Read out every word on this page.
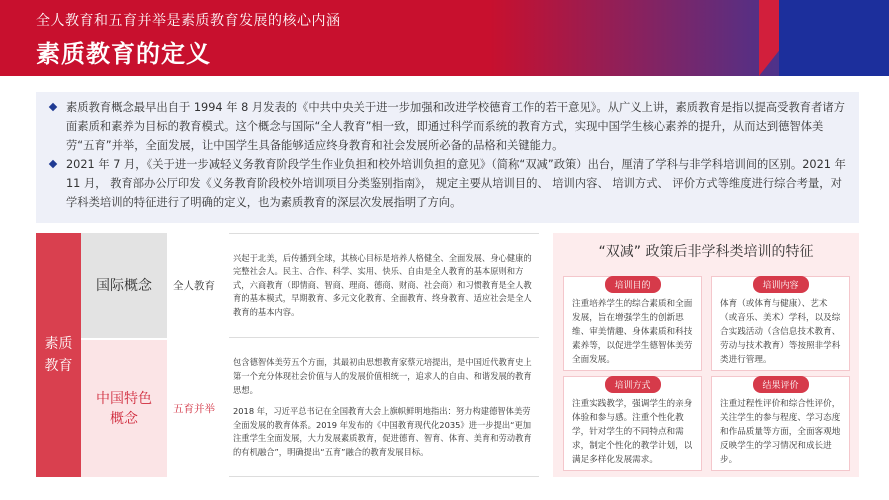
全人教育和五育并举是素质教育发展的核心内涵
素质教育的定义
素质教育概念最早出自于 1994 年 8 月发表的《中共中央关于进一步加强和改进学校德育工作的若干意见》。从广义上讲，素质教育是指以提高受教育者诸方面素质和素养为目标的教育模式。这个概念与国际“全人教育”相一致，即通过科学而系统的教育方式，实现中国学生核心素养的提升，从而达到德智体美劳“五育”并举，全面发展，让中国学生具备能够适应终身教育和社会发展所必备的品格和关键能力。
2021 年 7 月，《关于进一步减轻义务教育阶段学生作业负担和校外培训负担的意见》（简称“双减”政策）出台，厘清了学科与非学科培训间的区别。2021 年 11 月， 教育部办公厅印发《义务教育阶段校外培训项目分类鉴别指南》， 规定主要从培训目的、 培训内容、 培训方式、 评价方式等维度进行综合考量，对学科类培训的特征进行了明确的定义，也为素质教育的深层次发展指明了方向。
素质
教育
国际概念 全人教育

兴起于北美，后传播到全球，其核心目标是培养人格健全、全面发展、身心健康的完整社会人。民主、合作、科学、实用、快乐、自由是全人教育的基本原则和方式，六商教育（即情商、智商、理商、德商、财商、社会商）和习惯教育是全人教育的基本模式，早期教育、多元文化教育、全面教育、终身教育、适应社会是全人教育的基本内容。

中国特色
概念
五育并举

包含德智体美劳五个方面，其最初由思想教育家蔡元培提出，是中国近代教育史上第一个充分体现社会价值与人的发展价值相统一，追求人的自由、和谐发展的教育思想。

2018 年，习近平总书记在全国教育大会上旗帜鲜明地指出：努力构建德智体美劳全面发展的教育体系。2019 年发布的《中国教育现代化2035》进一步提出“更加注重学生全面发展，大力发展素质教育，促进德育、智育、体育、美育和劳动教育的有机融合”，明确提出“五育”融合的教育发展目标。

“双减” 政策后非学科类培训的特征
培训目的
注重培养学生的综合素质和全面发展，旨在增强学生的创新思维、审美情趣、身体素质和科技素养等，以促进学生德智体美劳全面发展。
培训内容
体育（或体育与健康）、艺术（或音乐、美术）学科，以及综合实践活动（含信息技术教育、劳动与技术教育）等按照非学科类进行管理。
培训方式
注重实践教学，强调学生的亲身体验和参与感。注重个性化教学，针对学生的不同特点和需求，制定个性化的教学计划，以满足多样化发展需求。
结果评价
注重过程性评价和综合性评价，关注学生的参与程度、学习态度和作品质量等方面，全面客观地反映学生的学习情况和成长进步。
